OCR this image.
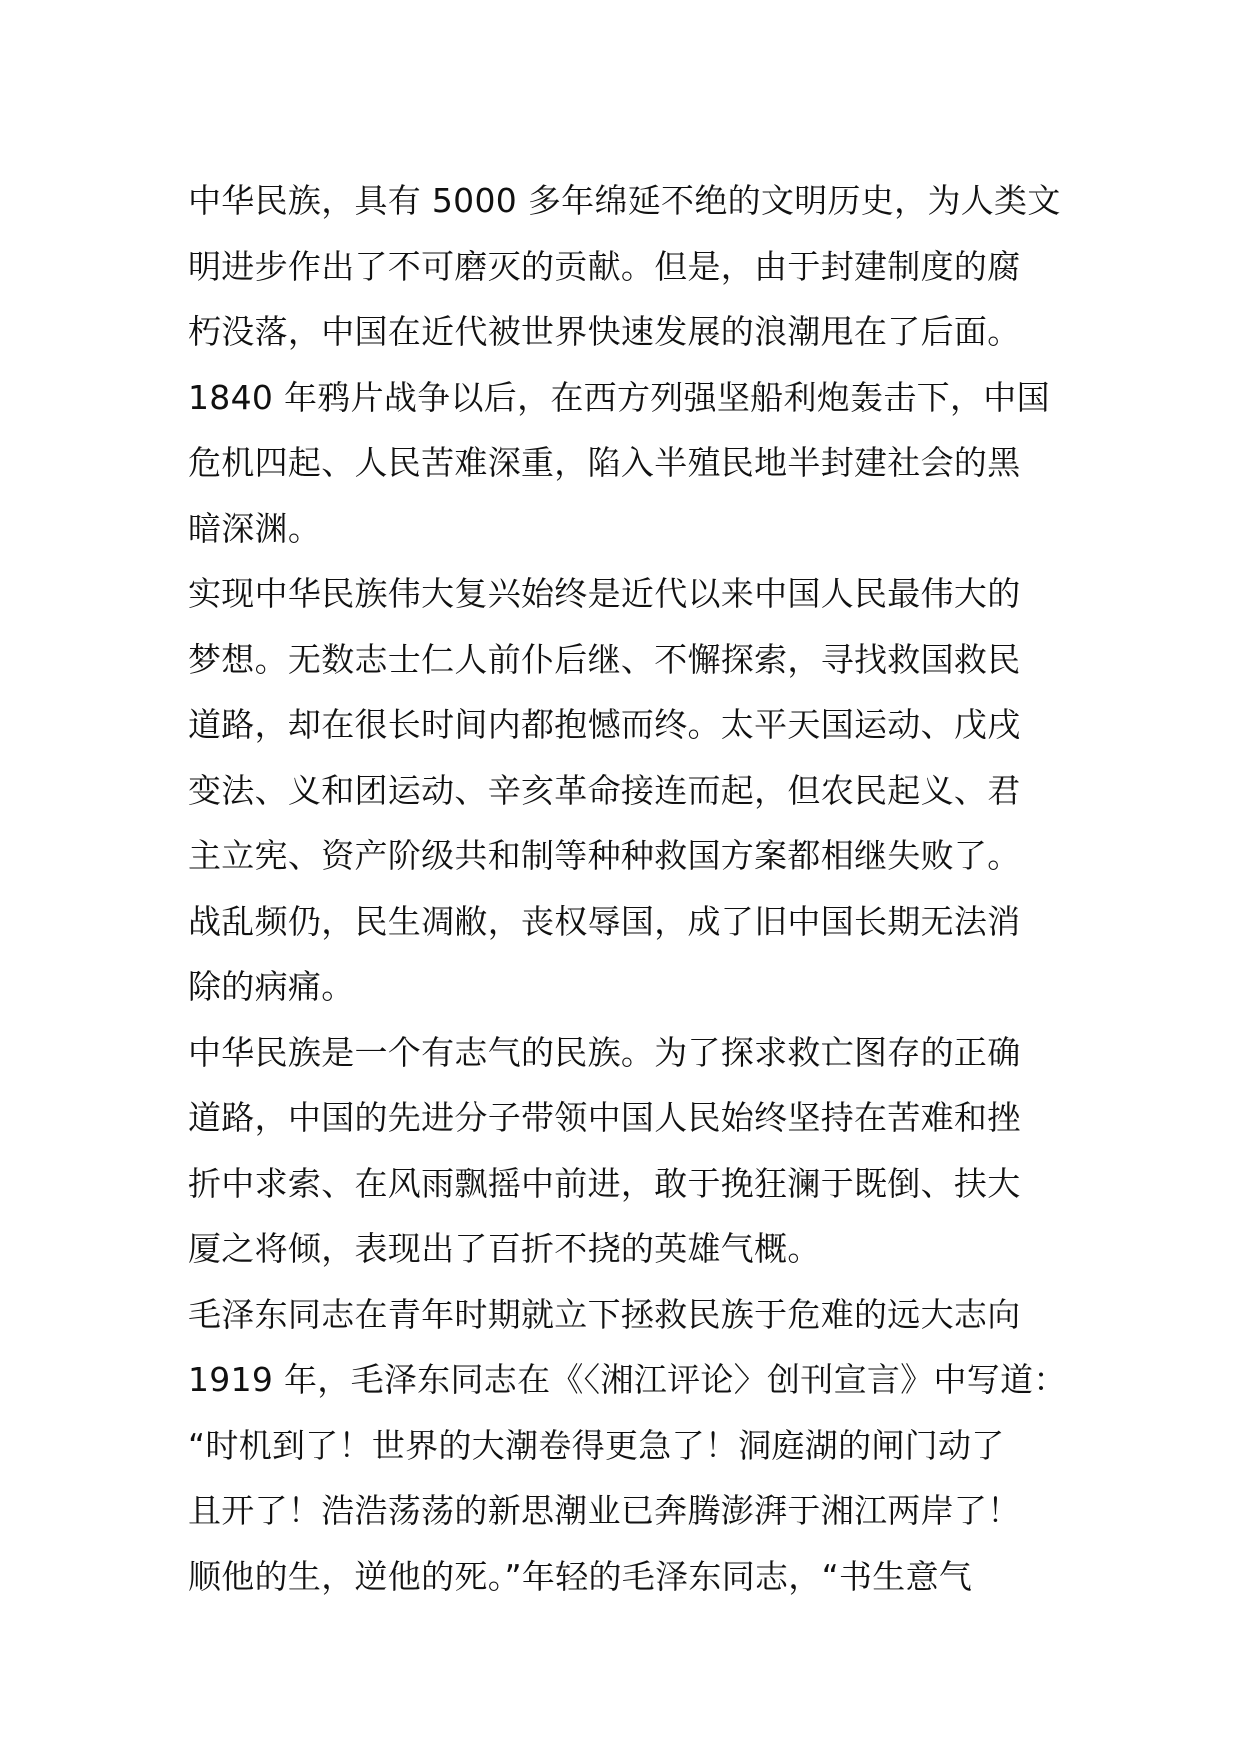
中华民族，具有 5000 多年绵延不绝的文明历史，为人类文
明进步作出了不可磨灭的贡献。但是，由于封建制度的腐
朽没落，中国在近代被世界快速发展的浪潮甩在了后面。
1840 年鸦片战争以后，在西方列强坚船利炮轰击下，中国
危机四起、人民苦难深重，陷入半殖民地半封建社会的黑
暗深渊。
实现中华民族伟大复兴始终是近代以来中国人民最伟大的
梦想。无数志士仁人前仆后继、不懈探索，寻找救国救民
道路，却在很长时间内都抱憾而终。太平天国运动、戊戌
变法、义和团运动、辛亥革命接连而起，但农民起义、君
主立宪、资产阶级共和制等种种救国方案都相继失败了。
战乱频仍，民生凋敝，丧权辱国，成了旧中国长期无法消
除的病痛。
中华民族是一个有志气的民族。为了探求救亡图存的正确
道路，中国的先进分子带领中国人民始终坚持在苦难和挫
折中求索、在风雨飘摇中前进，敢于挽狂澜于既倒、扶大
厦之将倾，表现出了百折不挠的英雄气概。
毛泽东同志在青年时期就立下拯救民族于危难的远大志向
1919 年，毛泽东同志在《〈湘江评论〉创刊宣言》中写道：
“时机到了！世界的大潮卷得更急了！洞庭湖的闸门动了
且开了！浩浩荡荡的新思潮业已奔腾澎湃于湘江两岸了！
顺他的生，逆他的死。”年轻的毛泽东同志，“书生意气
